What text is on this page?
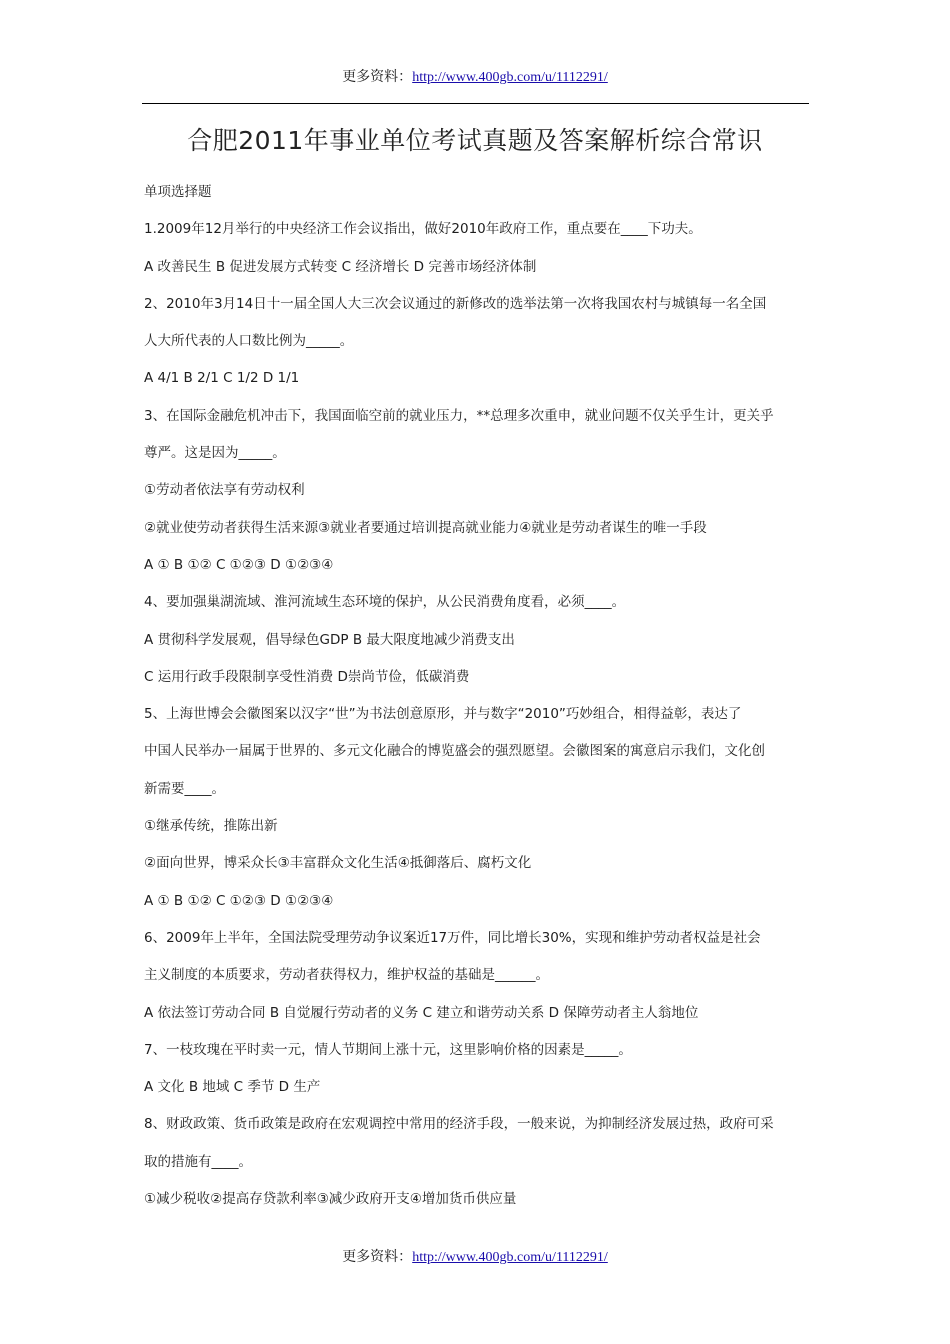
更多资料：http://www.400gb.com/u/1112291/
合肥2011年事业单位考试真题及答案解析综合常识
单项选择题
1.2009年12月举行的中央经济工作会议指出，做好2010年政府工作，重点要在____下功夫。
A 改善民生 B 促进发展方式转变 C 经济增长 D 完善市场经济体制
2、2010年3月14日十一届全国人大三次会议通过的新修改的选举法第一次将我国农村与城镇每一名全国
人大所代表的人口数比例为_____。
A 4/1 B 2/1 C 1/2 D 1/1
3、在国际金融危机冲击下，我国面临空前的就业压力，**总理多次重申，就业问题不仅关乎生计，更关乎
尊严。这是因为_____。
①劳动者依法享有劳动权利
②就业使劳动者获得生活来源③就业者要通过培训提高就业能力④就业是劳动者谋生的唯一手段
A ① B ①② C ①②③ D ①②③④
4、要加强巢湖流域、淮河流域生态环境的保护，从公民消费角度看，必须____。
A 贯彻科学发展观，倡导绿色GDP B 最大限度地减少消费支出
C 运用行政手段限制享受性消费 D崇尚节俭，低碳消费
5、上海世博会会徽图案以汉字“世”为书法创意原形，并与数字“2010”巧妙组合，相得益彰，表达了
中国人民举办一届属于世界的、多元文化融合的博览盛会的强烈愿望。会徽图案的寓意启示我们，文化创
新需要____。
①继承传统，推陈出新
②面向世界，博采众长③丰富群众文化生活④抵御落后、腐朽文化
A ① B ①② C ①②③ D ①②③④
6、2009年上半年，全国法院受理劳动争议案近17万件，同比增长30%，实现和维护劳动者权益是社会
主义制度的本质要求，劳动者获得权力，维护权益的基础是______。
A 依法签订劳动合同 B 自觉履行劳动者的义务 C 建立和谐劳动关系 D 保障劳动者主人翁地位
7、一枝玫瑰在平时卖一元，情人节期间上涨十元，这里影响价格的因素是_____。
A 文化 B 地域 C 季节 D 生产
8、财政政策、货币政策是政府在宏观调控中常用的经济手段，一般来说，为抑制经济发展过热，政府可采
取的措施有____。
①减少税收②提高存贷款利率③减少政府开支④增加货币供应量
更多资料：http://www.400gb.com/u/1112291/
